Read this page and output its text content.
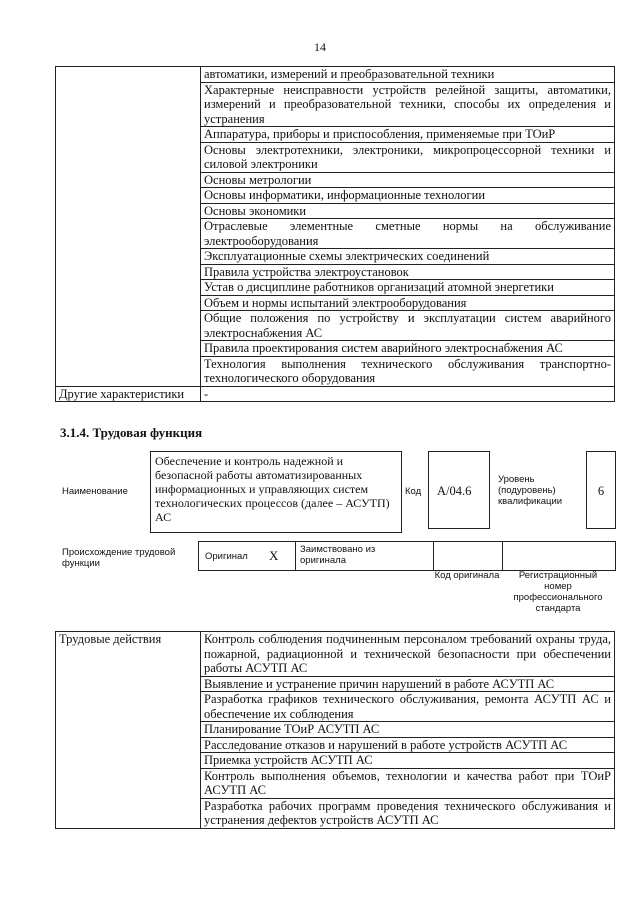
14
	автоматики, измерений и преобразовательной техники
	Характерные неисправности устройств релейной защиты, автоматики, измерений и преобразовательной техники, способы их определения и устранения
	Аппаратура, приборы и приспособления, применяемые при ТОиР
	Основы электротехники, электроники, микропроцессорной техники и силовой электроники
	Основы метрологии
	Основы информатики, информационные технологии
	Основы экономики
	Отраслевые элементные сметные нормы на обслуживание электрооборудования
	Эксплуатационные схемы электрических соединений
	Правила устройства электроустановок
	Устав о дисциплине работников организаций атомной энергетики
	Объем и нормы испытаний электрооборудования
	Общие положения по устройству и эксплуатации систем аварийного электроснабжения АС
	Правила проектирования систем аварийного электроснабжения АС
	Технология выполнения технического обслуживания транспортно-технологического оборудования
Другие характеристики	-
3.1.4. Трудовая функция
Наименование
Обеспечение и контроль надежной и безопасной работы автоматизированных информационных и управляющих систем технологических процессов (далее – АСУТП) АС
Код A/04.6
Уровень (подуровень) квалификации
6
Происхождение трудовой функции
Оригинал X Заимствовано из оригинала
Код оригинала	Регистрационный номер профессионального стандарта
Трудовые действия	Контроль соблюдения подчиненным персоналом требований охраны труда, пожарной, радиационной и технической безопасности при обеспечении работы АСУТП АС
Выявление и устранение причин нарушений в работе АСУТП АС
Разработка графиков технического обслуживания, ремонта АСУТП АС и обеспечение их соблюдения
Планирование ТОиР АСУТП АС
Расследование отказов и нарушений в работе устройств АСУТП АС
Приемка устройств АСУТП АС
Контроль выполнения объемов, технологии и качества работ при ТОиР АСУТП АС
Разработка рабочих программ проведения технического обслуживания и устранения дефектов устройств АСУТП АС
